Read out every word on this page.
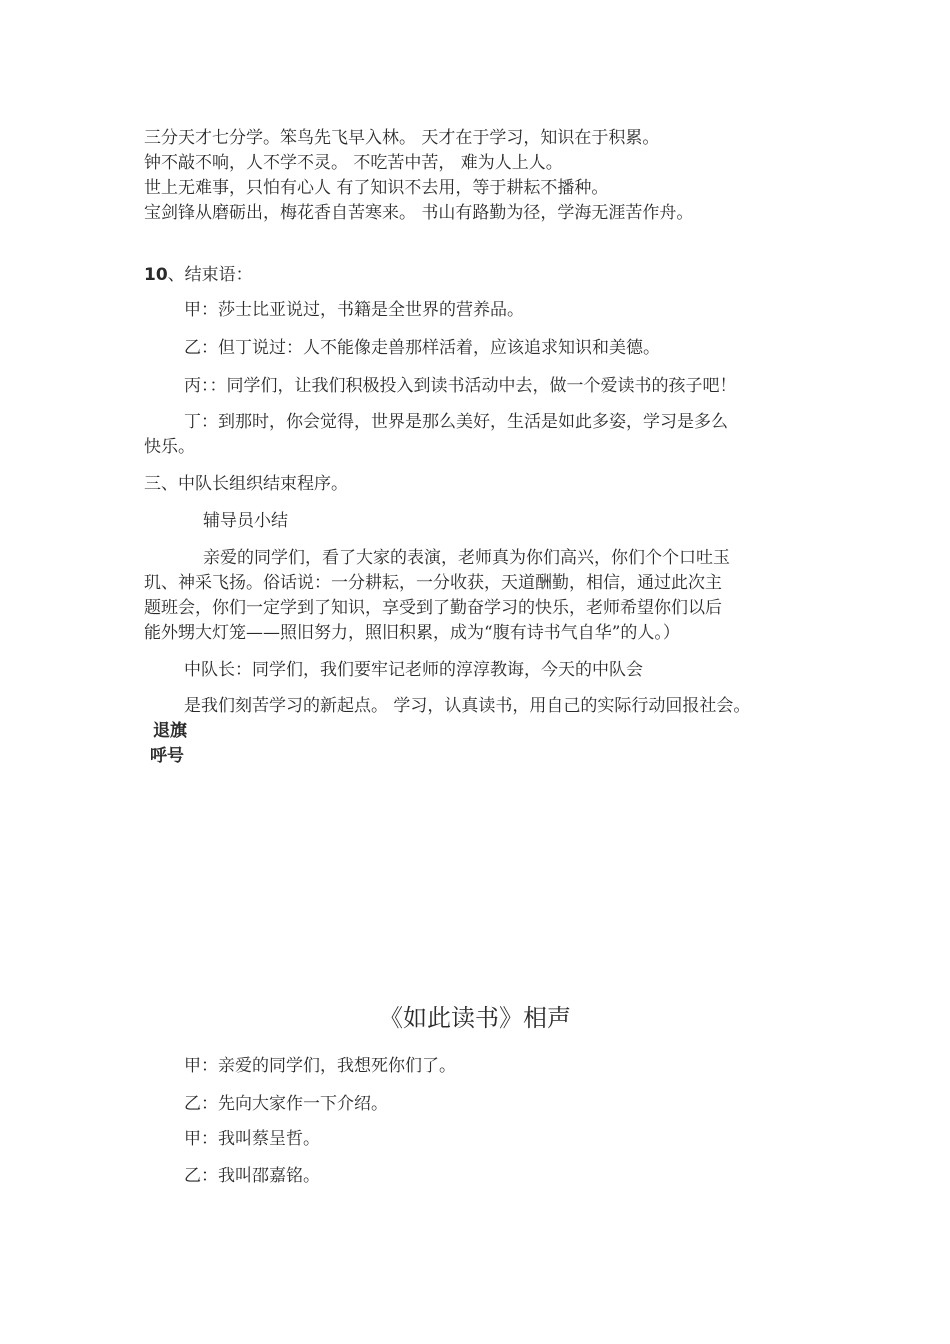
三分天才七分学。笨鸟先飞早入林。 天才在于学习，知识在于积累。
钟不敲不响，人不学不灵。 不吃苦中苦， 难为人上人。
世上无难事，只怕有心人 有了知识不去用，等于耕耘不播种。
宝剑锋从磨砺出，梅花香自苦寒来。 书山有路勤为径，学海无涯苦作舟。
10、结束语：
甲：莎士比亚说过，书籍是全世界的营养品。
乙：但丁说过：人不能像走兽那样活着，应该追求知识和美德。
丙：：同学们，让我们积极投入到读书活动中去，做一个爱读书的孩子吧！
丁：到那时，你会觉得，世界是那么美好，生活是如此多姿，学习是多么
快乐。
三、中队长组织结束程序。
辅导员小结
亲爱的同学们，看了大家的表演，老师真为你们高兴，你们个个口吐玉
玑、神采飞扬。俗话说：一分耕耘，一分收获，天道酬勤，相信，通过此次主
题班会，你们一定学到了知识，享受到了勤奋学习的快乐，老师希望你们以后
能外甥大灯笼——照旧努力，照旧积累，成为“腹有诗书气自华”的人。）
中队长：同学们，我们要牢记老师的淳淳教诲，今天的中队会
是我们刻苦学习的新起点。 学习，认真读书，用自己的实际行动回报社会。
退旗
呼号
《如此读书》相声
甲：亲爱的同学们，我想死你们了。
乙：先向大家作一下介绍。
甲：我叫蔡呈哲。
乙：我叫邵嘉铭。
